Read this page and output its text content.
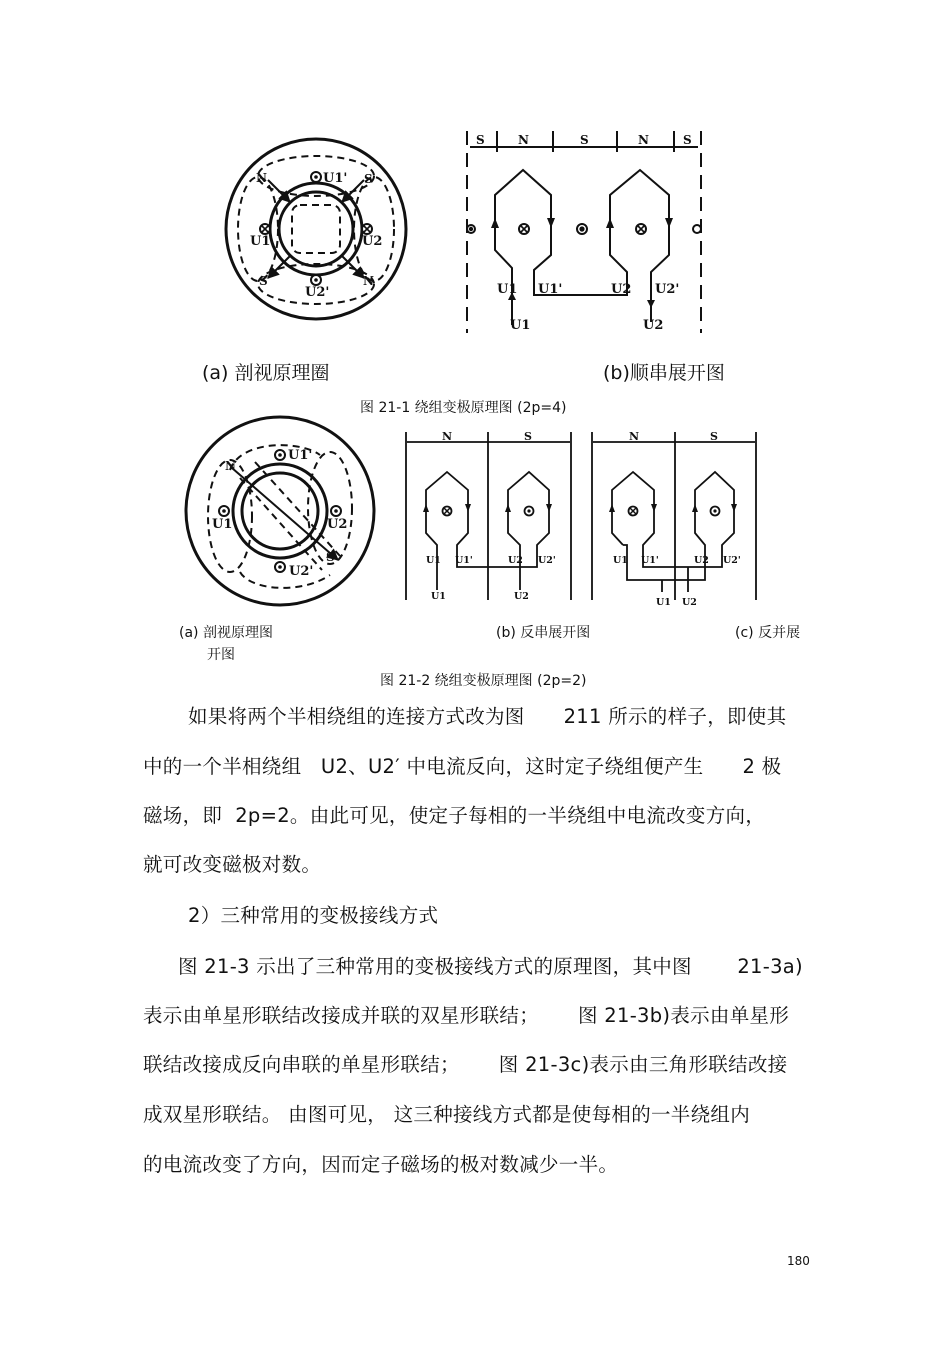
N	U1' S
U1	U2
S
U2'
N
S	N	S	N	S
U1 U1'	U2 U2'
U1	U2
(a) 剖视原理圈	(b)顺串展开图
图 21-1 绕组变极原理图 (2p=4)
N
U1'
U1	U2
S
U2'
N	S
U1 U1'	U2 U2'
U1	U2
N	S
U1 U1'	U2 U2'
U1 U2
(a) 剖视原理图
开图
(b) 反串展开图	(c) 反并展
图 21-2 绕组变极原理图 (2p=2)
如果将两个半相绕组的连接方式改为图      211 所示的样子，即使其
中的一个半相绕组   U2、U2′ 中电流反向，这时定子绕组便产生      2 极
磁场，即  2p=2。由此可见，使定子每相的一半绕组中电流改变方向，
就可改变磁极对数。
2）三种常用的变极接线方式
图 21-3 示出了三种常用的变极接线方式的原理图，其中图       21-3a)
表示由单星形联结改接成并联的双星形联结；      图 21-3b)表示由单星形
联结改接成反向串联的单星形联结；      图 21-3c)表示由三角形联结改接
成双星形联结。 由图可见， 这三种接线方式都是使每相的一半绕组内
的电流改变了方向，因而定子磁场的极对数减少一半。
180
